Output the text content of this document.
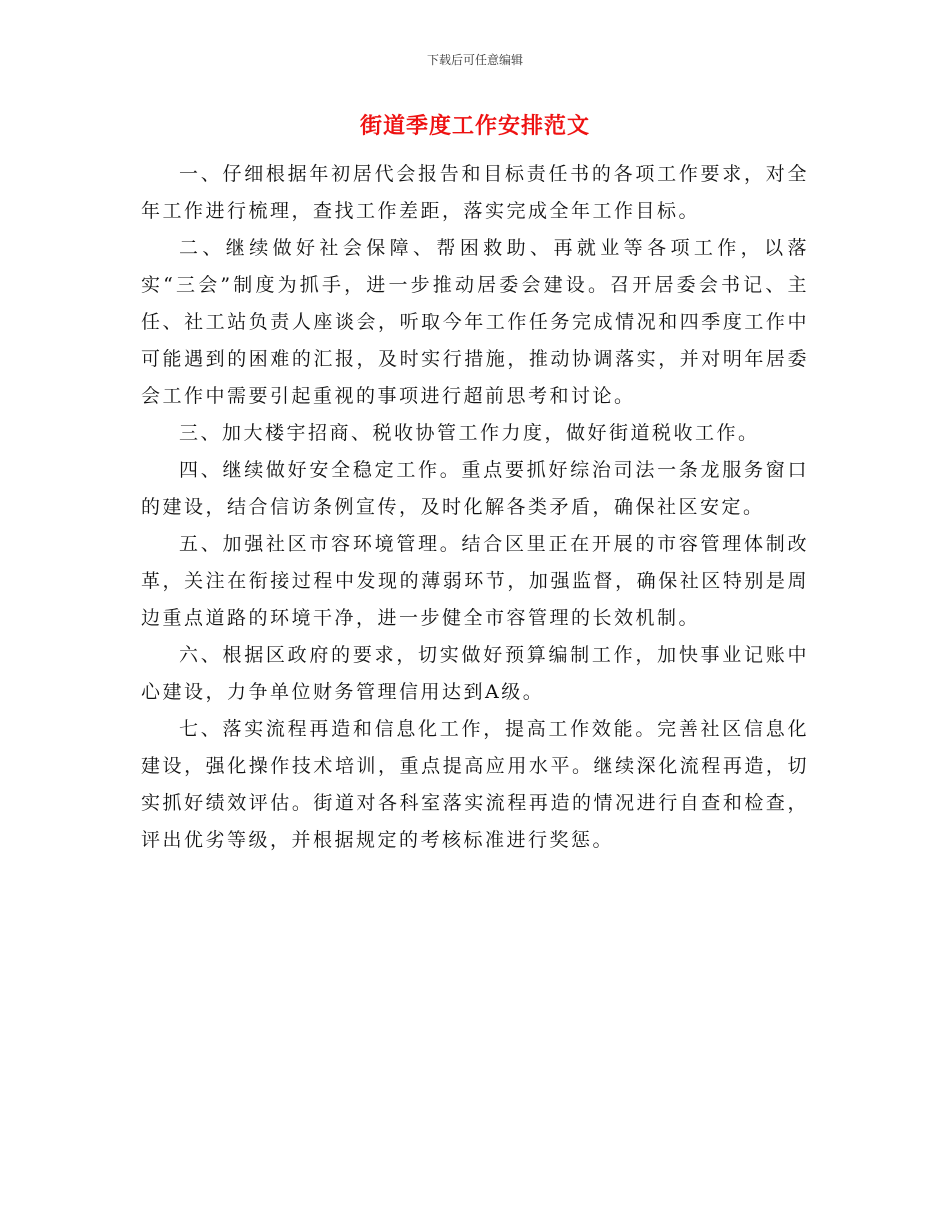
下载后可任意编辑
街道季度工作安排范文

一、仔细根据年初居代会报告和目标责任书的各项工作要求，对全年工作进行梳理，查找工作差距，落实完成全年工作目标。

二、继续做好社会保障、帮困救助、再就业等各项工作，以落实“三会”制度为抓手，进一步推动居委会建设。召开居委会书记、主任、社工站负责人座谈会，听取今年工作任务完成情况和四季度工作中可能遇到的困难的汇报，及时实行措施，推动协调落实，并对明年居委会工作中需要引起重视的事项进行超前思考和讨论。

三、加大楼宇招商、税收协管工作力度，做好街道税收工作。

四、继续做好安全稳定工作。重点要抓好综治司法一条龙服务窗口的建设，结合信访条例宣传，及时化解各类矛盾，确保社区安定。

五、加强社区市容环境管理。结合区里正在开展的市容管理体制改革，关注在衔接过程中发现的薄弱环节，加强监督，确保社区特别是周边重点道路的环境干净，进一步健全市容管理的长效机制。

六、根据区政府的要求，切实做好预算编制工作，加快事业记账中心建设，力争单位财务管理信用达到A级。

七、落实流程再造和信息化工作，提高工作效能。完善社区信息化建设，强化操作技术培训，重点提高应用水平。继续深化流程再造，切实抓好绩效评估。街道对各科室落实流程再造的情况进行自查和检查，评出优劣等级，并根据规定的考核标准进行奖惩。
